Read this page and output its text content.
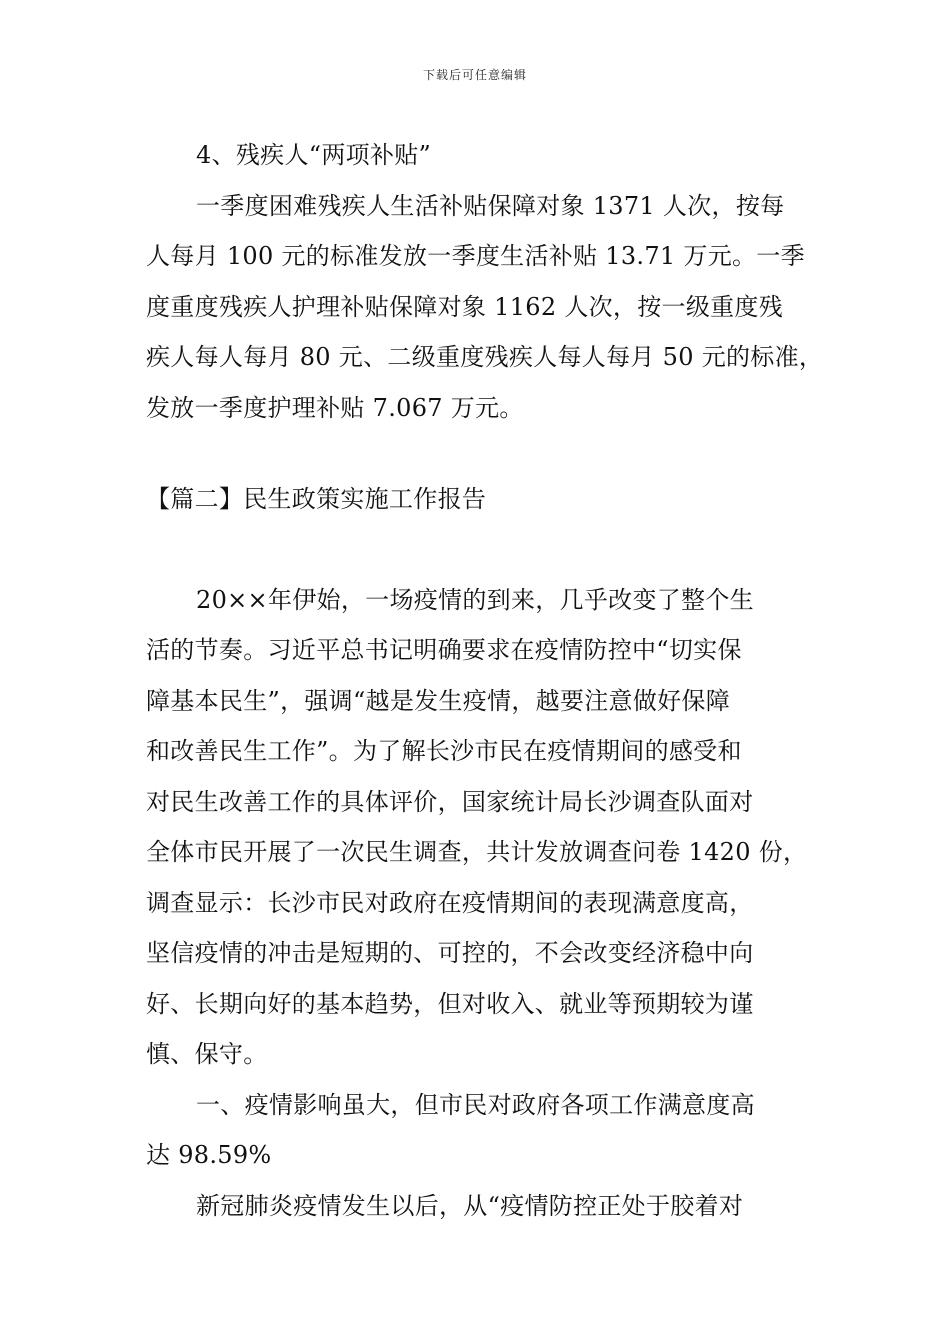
下载后可任意编辑
4、残疾人“两项补贴”
一季度困难残疾人生活补贴保障对象 1371 人次，按每
人每月 100 元的标准发放一季度生活补贴 13.71 万元。一季
度重度残疾人护理补贴保障对象 1162 人次，按一级重度残
疾人每人每月 80 元、二级重度残疾人每人每月 50 元的标准，
发放一季度护理补贴 7.067 万元。
【篇二】民生政策实施工作报告
20××年伊始，一场疫情的到来，几乎改变了整个生
活的节奏。习近平总书记明确要求在疫情防控中“切实保
障基本民生”，强调“越是发生疫情，越要注意做好保障
和改善民生工作”。为了解长沙市民在疫情期间的感受和
对民生改善工作的具体评价，国家统计局长沙调查队面对
全体市民开展了一次民生调查，共计发放调查问卷 1420 份，
调查显示：长沙市民对政府在疫情期间的表现满意度高，
坚信疫情的冲击是短期的、可控的，不会改变经济稳中向
好、长期向好的基本趋势，但对收入、就业等预期较为谨
慎、保守。
一、疫情影响虽大，但市民对政府各项工作满意度高
达 98.59%
新冠肺炎疫情发生以后，从“疫情防控正处于胶着对
